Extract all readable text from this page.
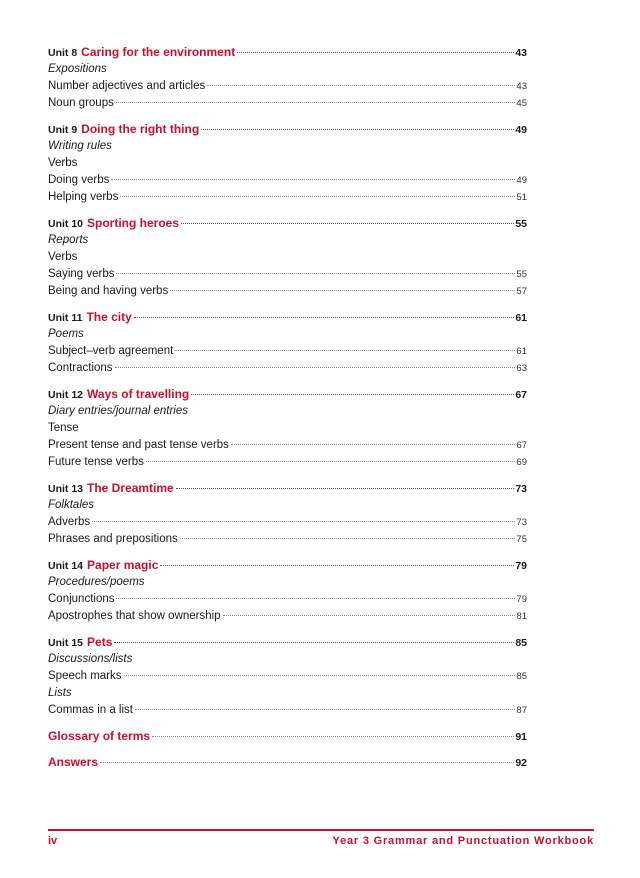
Unit 8 Caring for the environment	43
Expositions
Number adjectives and articles	43
Noun groups	45
Unit 9 Doing the right thing	49
Writing rules
Verbs
Doing verbs	49
Helping verbs	51
Unit 10 Sporting heroes	55
Reports
Verbs
Saying verbs	55
Being and having verbs	57
Unit 11 The city	61
Poems
Subject–verb agreement	61
Contractions	63
Unit 12 Ways of travelling	67
Diary entries/journal entries
Tense
Present tense and past tense verbs	67
Future tense verbs	69
Unit 13 The Dreamtime	73
Folktales
Adverbs	73
Phrases and prepositions	75
Unit 14 Paper magic	79
Procedures/poems
Conjunctions	79
Apostrophes that show ownership	81
Unit 15 Pets	85
Discussions/lists
Speech marks	85
Lists
Commas in a list	87
Glossary of terms	91
Answers	92
iv	Year 3 Grammar and Punctuation Workbook
